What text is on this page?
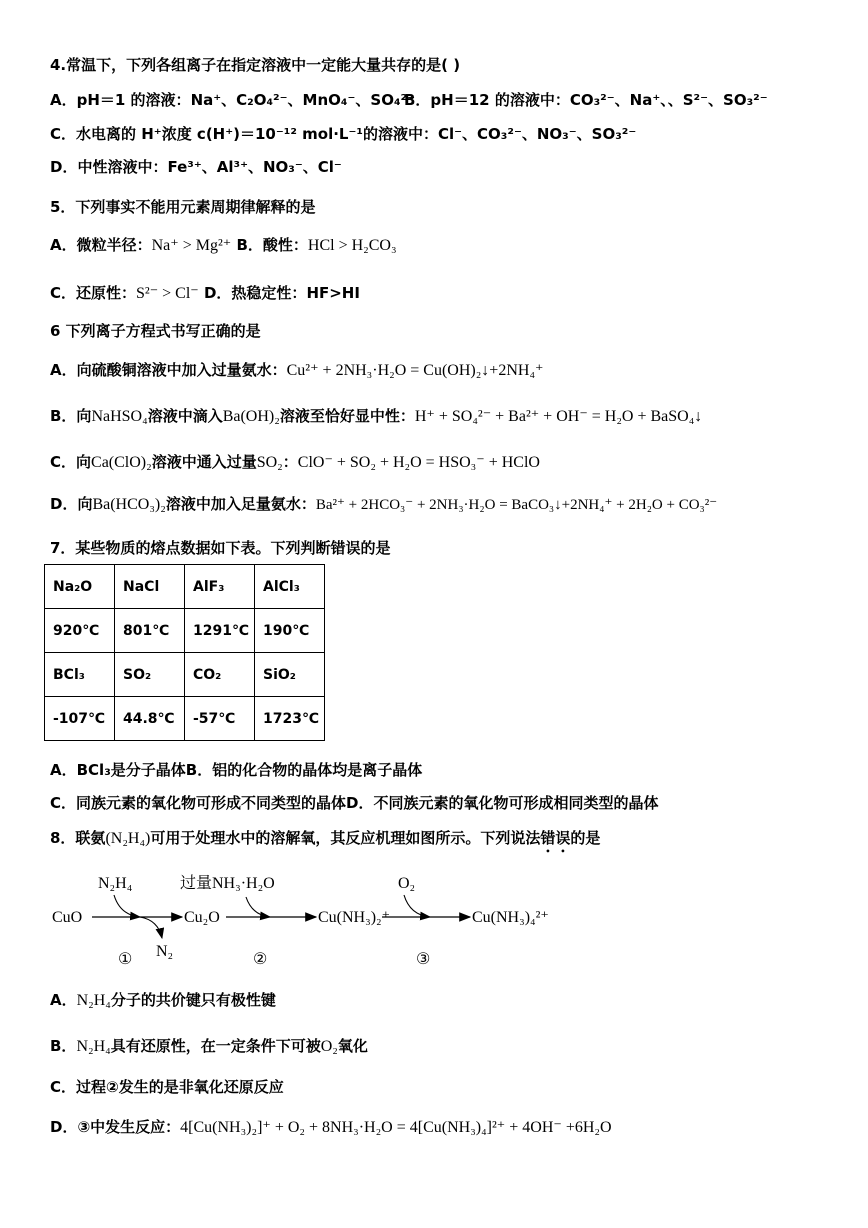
4.常温下，下列各组离子在指定溶液中一定能大量共存的是( )
A．pH＝1 的溶液：Na⁺、C₂O₄²⁻、MnO₄⁻、SO₄²⁻
B．pH＝12 的溶液中：CO₃²⁻、Na⁺、、S²⁻、SO₃²⁻
C．水电离的 H⁺浓度 c(H⁺)＝10⁻¹² mol·L⁻¹的溶液中：Cl⁻、CO₃²⁻、NO₃⁻、SO₃²⁻
D．中性溶液中：Fe³⁺、Al³⁺、NO₃⁻、Cl⁻
5．下列事实不能用元素周期律解释的是
A．微粒半径：Na⁺ > Mg²⁺ B．酸性：HCl > H₂CO₃
C．还原性：S²⁻ > Cl⁻ D．热稳定性：HF>HI
6 下列离子方程式书写正确的是
A．向硫酸铜溶液中加入过量氨水：Cu²⁺ + 2NH₃·H₂O = Cu(OH)₂↓+2NH₄⁺
B．向NaHSO₄溶液中滴入Ba(OH)₂溶液至恰好显中性：H⁺ + SO₄²⁻ + Ba²⁺ + OH⁻ = H₂O + BaSO₄↓
C．向Ca(ClO)₂溶液中通入过量SO₂：ClO⁻ + SO₂ + H₂O = HSO₃⁻ + HClO
D．向Ba(HCO₃)₂溶液中加入足量氨水：Ba²⁺ + 2HCO₃⁻ + 2NH₃·H₂O = BaCO₃↓+2NH₄⁺ + 2H₂O + CO₃²⁻
7．某些物质的熔点数据如下表。下列判断错误的是
Na₂O	NaCl	AlF₃	AlCl₃
920℃	801℃	1291℃	190℃
BCl₃	SO₂	CO₂	SiO₂
-107℃	44.8℃	-57℃	1723℃
A．BCl₃是分子晶体B．铝的化合物的晶体均是离子晶体
C．同族元素的氧化物可形成不同类型的晶体D．不同族元素的氧化物可形成相同类型的晶体
8．联氨(N₂H₄)可用于处理水中的溶解氧，其反应机理如图所示。下列说法错误的是
CuO	Cu₂O	Cu(NH₃)₂⁺	Cu(NH₃)₄²⁺
N₂H₄	过量NH₃·H₂O	O₂
N₂
①	②	③
A．N₂H₄分子的共价键只有极性键
B．N₂H₄具有还原性，在一定条件下可被O₂氧化
C．过程②发生的是非氧化还原反应
D．③中发生反应：4[Cu(NH₃)₂]⁺ + O₂ + 8NH₃·H₂O = 4[Cu(NH₃)₄]²⁺ + 4OH⁻ +6H₂O
